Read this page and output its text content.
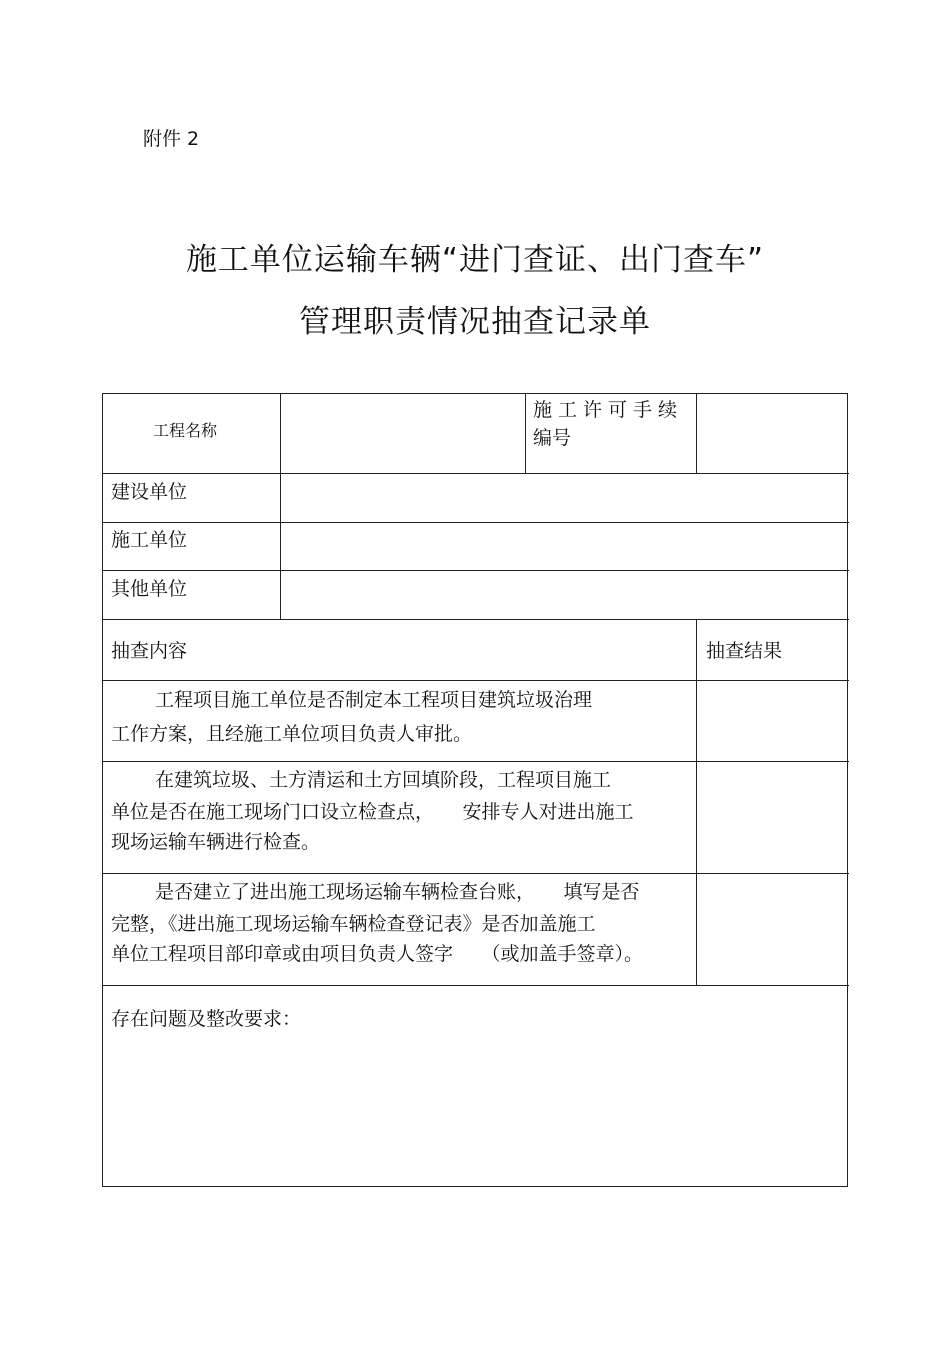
附件 2
施工单位运输车辆“进门查证、出门查车”
管理职责情况抽查记录单
工程名称
施工许可手续
编号
建设单位
施工单位
其他单位
抽查内容	抽查结果
工程项目施工单位是否制定本工程项目建筑垃圾治理
工作方案，且经施工单位项目负责人审批。
在建筑垃圾、土方清运和土方回填阶段，工程项目施工
单位是否在施工现场门口设立检查点，　　安排专人对进出施工
现场运输车辆进行检查。
是否建立了进出施工现场运输车辆检查台账，　　填写是否
完整，《进出施工现场运输车辆检查登记表》是否加盖施工
单位工程项目部印章或由项目负责人签字　　（或加盖手签章）。
存在问题及整改要求：
